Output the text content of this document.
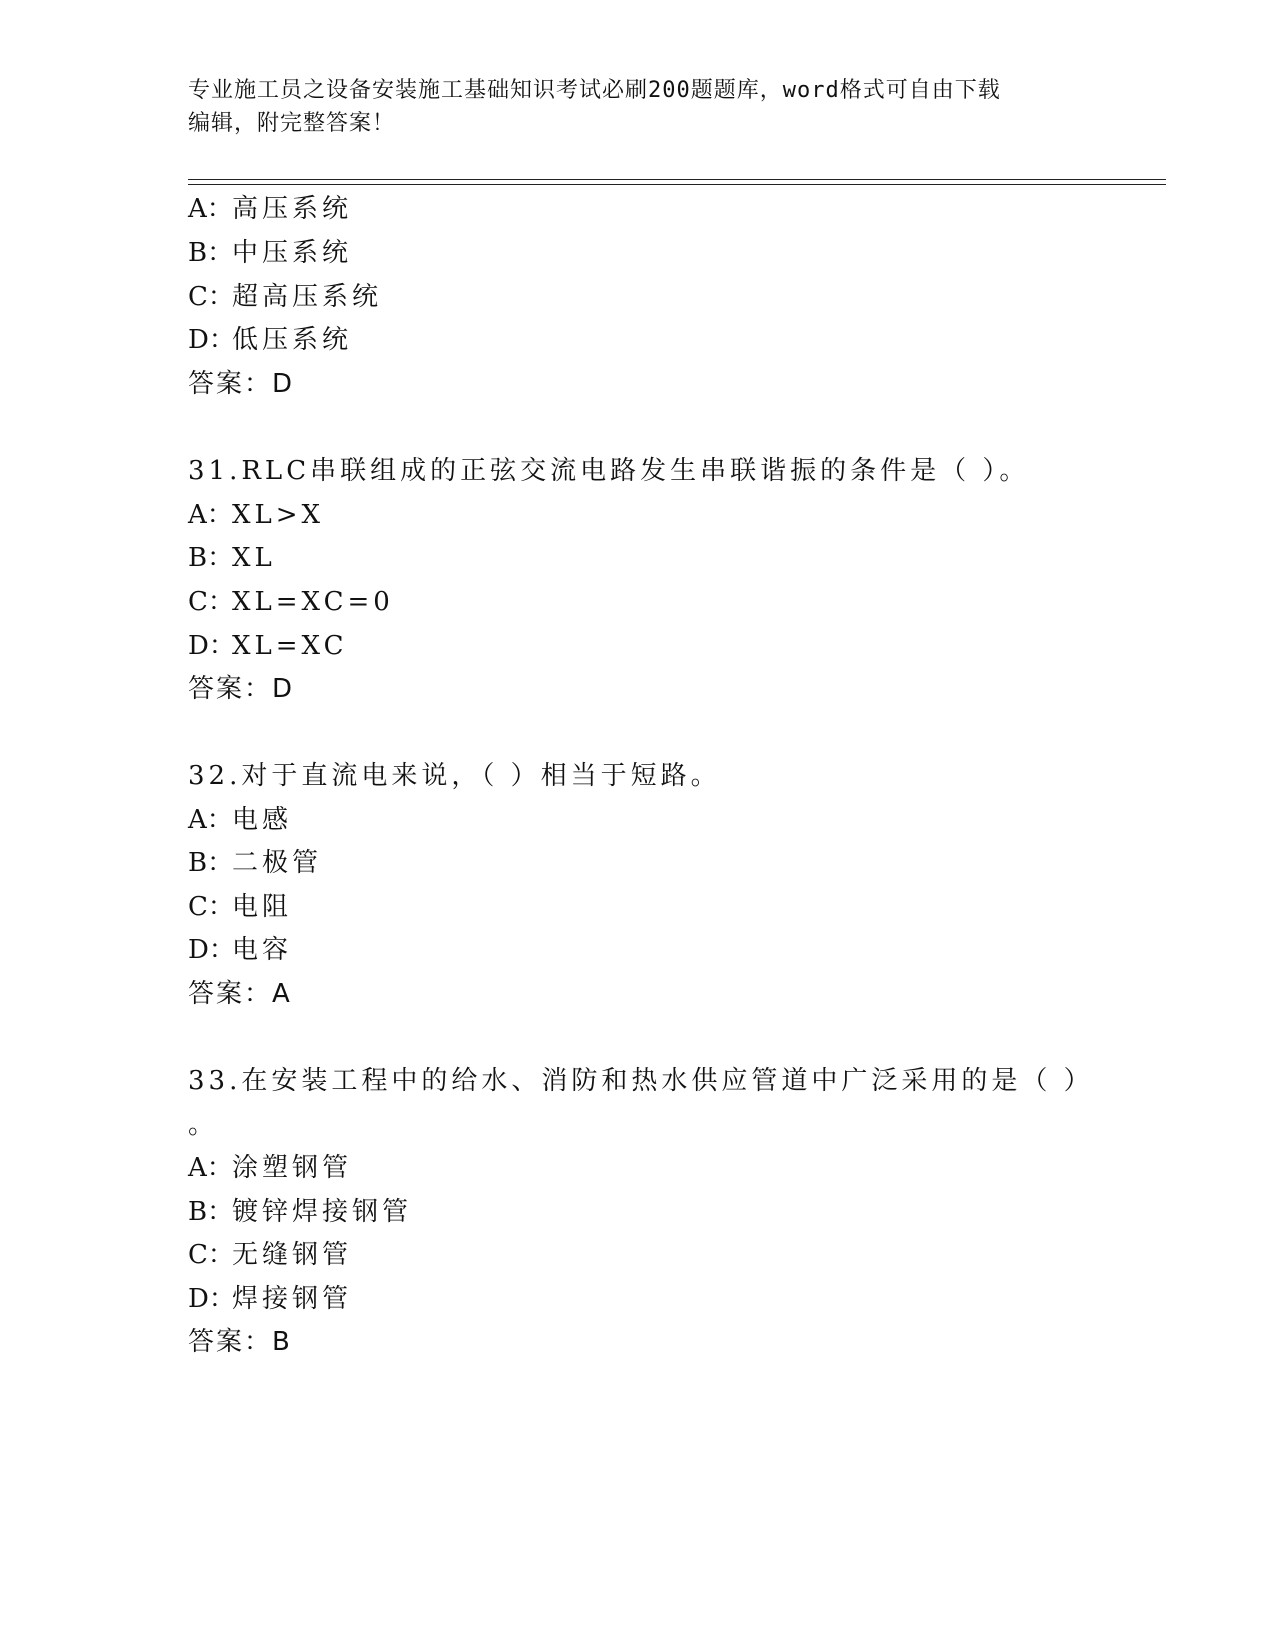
专业施工员之设备安装施工基础知识考试必刷200题题库，word格式可自由下载
编辑，附完整答案！
A：高压系统
B：中压系统
C：超高压系统
D：低压系统
答案：D
31.RLC串联组成的正弦交流电路发生串联谐振的条件是（ ）。
A：XL>X
B：XL
C：XL=XC=0
D：XL=XC
答案：D
32.对于直流电来说，（ ）相当于短路。
A：电感
B：二极管
C：电阻
D：电容
答案：A
33.在安装工程中的给水、消防和热水供应管道中广泛采用的是（ ）
。
A：涂塑钢管
B：镀锌焊接钢管
C：无缝钢管
D：焊接钢管
答案：B
